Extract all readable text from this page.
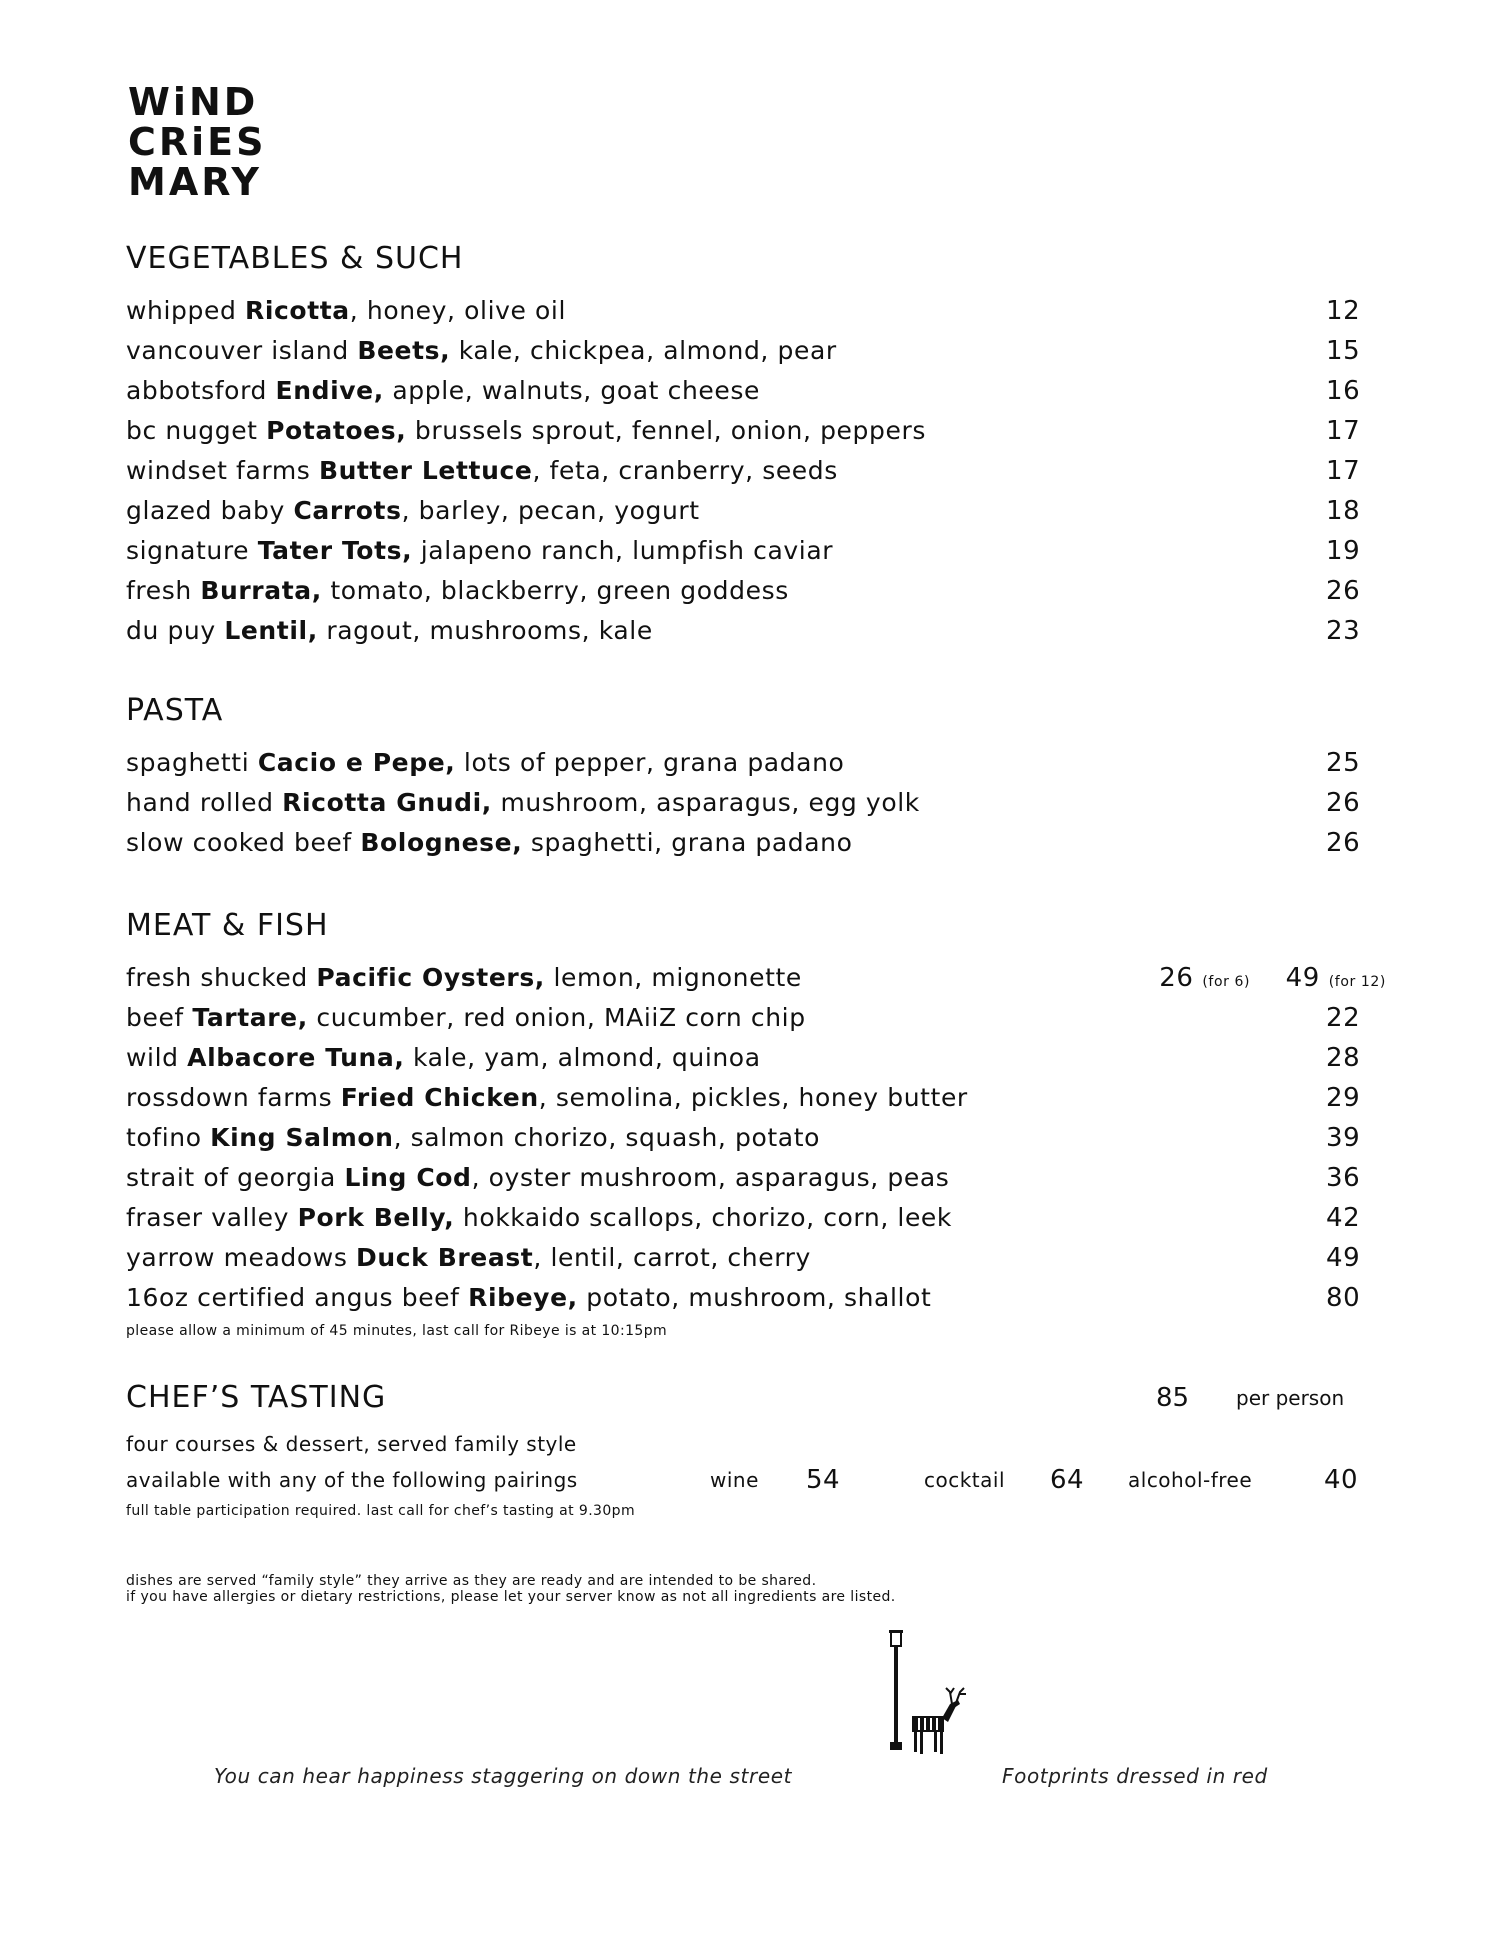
WiND
CRiES
MARY
VEGETABLES & SUCH
whipped Ricotta, honey, olive oil	12
vancouver island Beets, kale, chickpea, almond, pear	15
abbotsford Endive, apple, walnuts, goat cheese	16
bc nugget Potatoes, brussels sprout, fennel, onion, peppers	17
windset farms Butter Lettuce, feta, cranberry, seeds	17
glazed baby Carrots, barley, pecan, yogurt	18
signature Tater Tots, jalapeno ranch, lumpfish caviar	19
fresh Burrata, tomato, blackberry, green goddess	26
du puy Lentil, ragout, mushrooms, kale	23
PASTA
spaghetti Cacio e Pepe, lots of pepper, grana padano	25
hand rolled Ricotta Gnudi, mushroom, asparagus, egg yolk	26
slow cooked beef Bolognese, spaghetti, grana padano	26
MEAT & FISH
fresh shucked Pacific Oysters, lemon, mignonette	26 (for 6) 49 (for 12)
beef Tartare, cucumber, red onion, MAiiZ corn chip	22
wild Albacore Tuna, kale, yam, almond, quinoa	28
rossdown farms Fried Chicken, semolina, pickles, honey butter	29
tofino King Salmon, salmon chorizo, squash, potato	39
strait of georgia Ling Cod, oyster mushroom, asparagus, peas	36
fraser valley Pork Belly, hokkaido scallops, chorizo, corn, leek	42
yarrow meadows Duck Breast, lentil, carrot, cherry	49
16oz certified angus beef Ribeye, potato, mushroom, shallot	80
please allow a minimum of 45 minutes, last call for Ribeye is at 10:15pm
CHEF’S TASTING	85 per person
four courses & dessert, served family style
available with any of the following pairings	wine 54	cocktail 64 alcohol-free	40
full table participation required. last call for chef’s tasting at 9.30pm
dishes are served “family style” they arrive as they are ready and are intended to be shared.
if you have allergies or dietary restrictions, please let your server know as not all ingredients are listed.
You can hear happiness staggering on down the street	Footprints dressed in red
